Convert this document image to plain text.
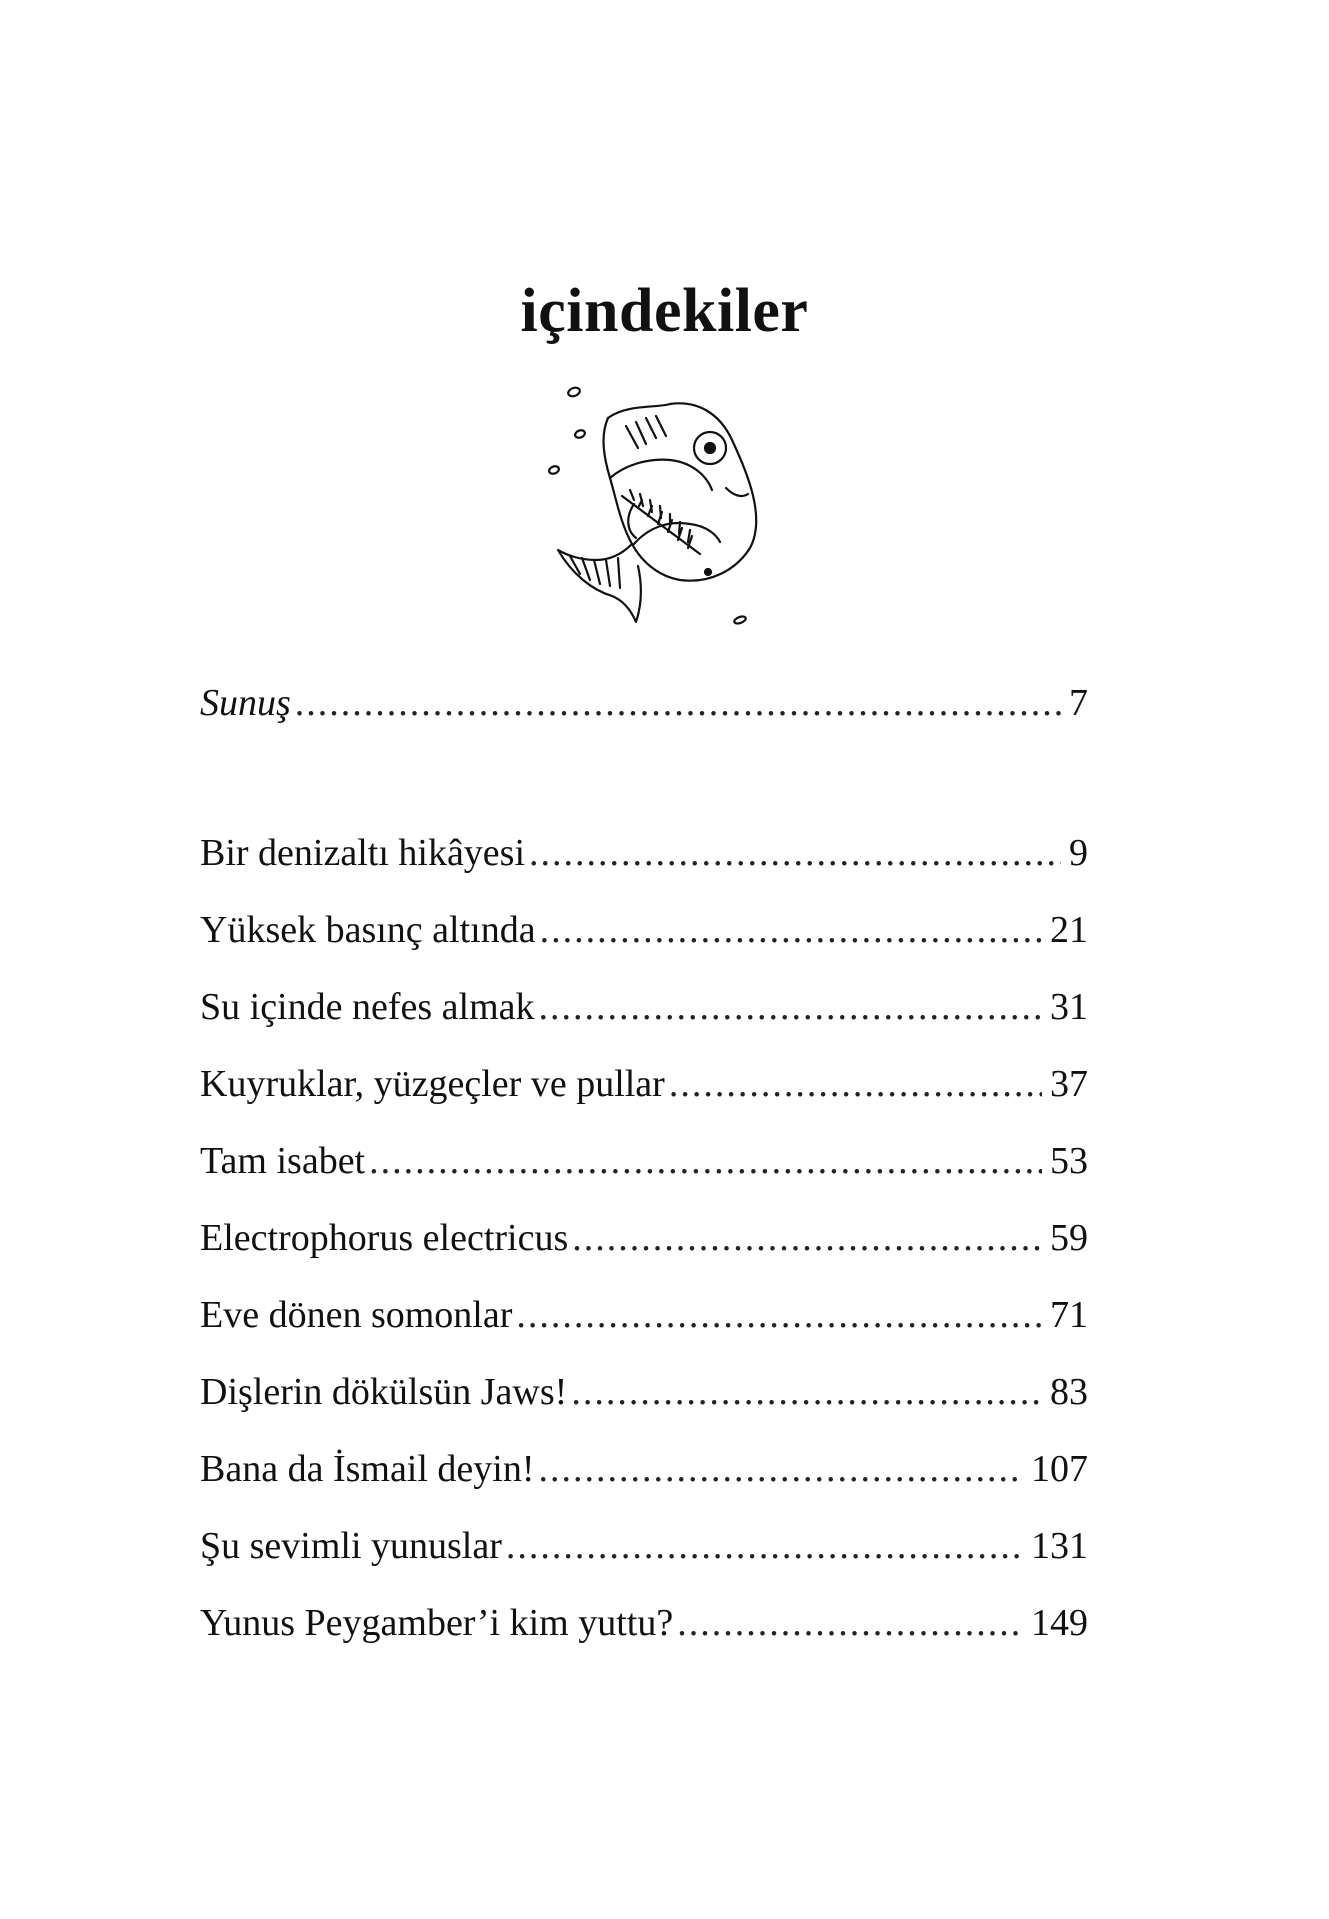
içindekiler
Sunuş .....	7
Bir denizaltı hikâyesi .....	9
Yüksek basınç altında .....	21
Su içinde nefes almak .....	31
Kuyruklar, yüzgeçler ve pullar .....	37
Tam isabet .....	53
Electrophorus electricus .....	59
Eve dönen somonlar .....	71
Dişlerin dökülsün Jaws! .....	83
Bana da İsmail deyin! .....	107
Şu sevimli yunuslar .....	131
Yunus Peygamber’i kim yuttu? .....	149
